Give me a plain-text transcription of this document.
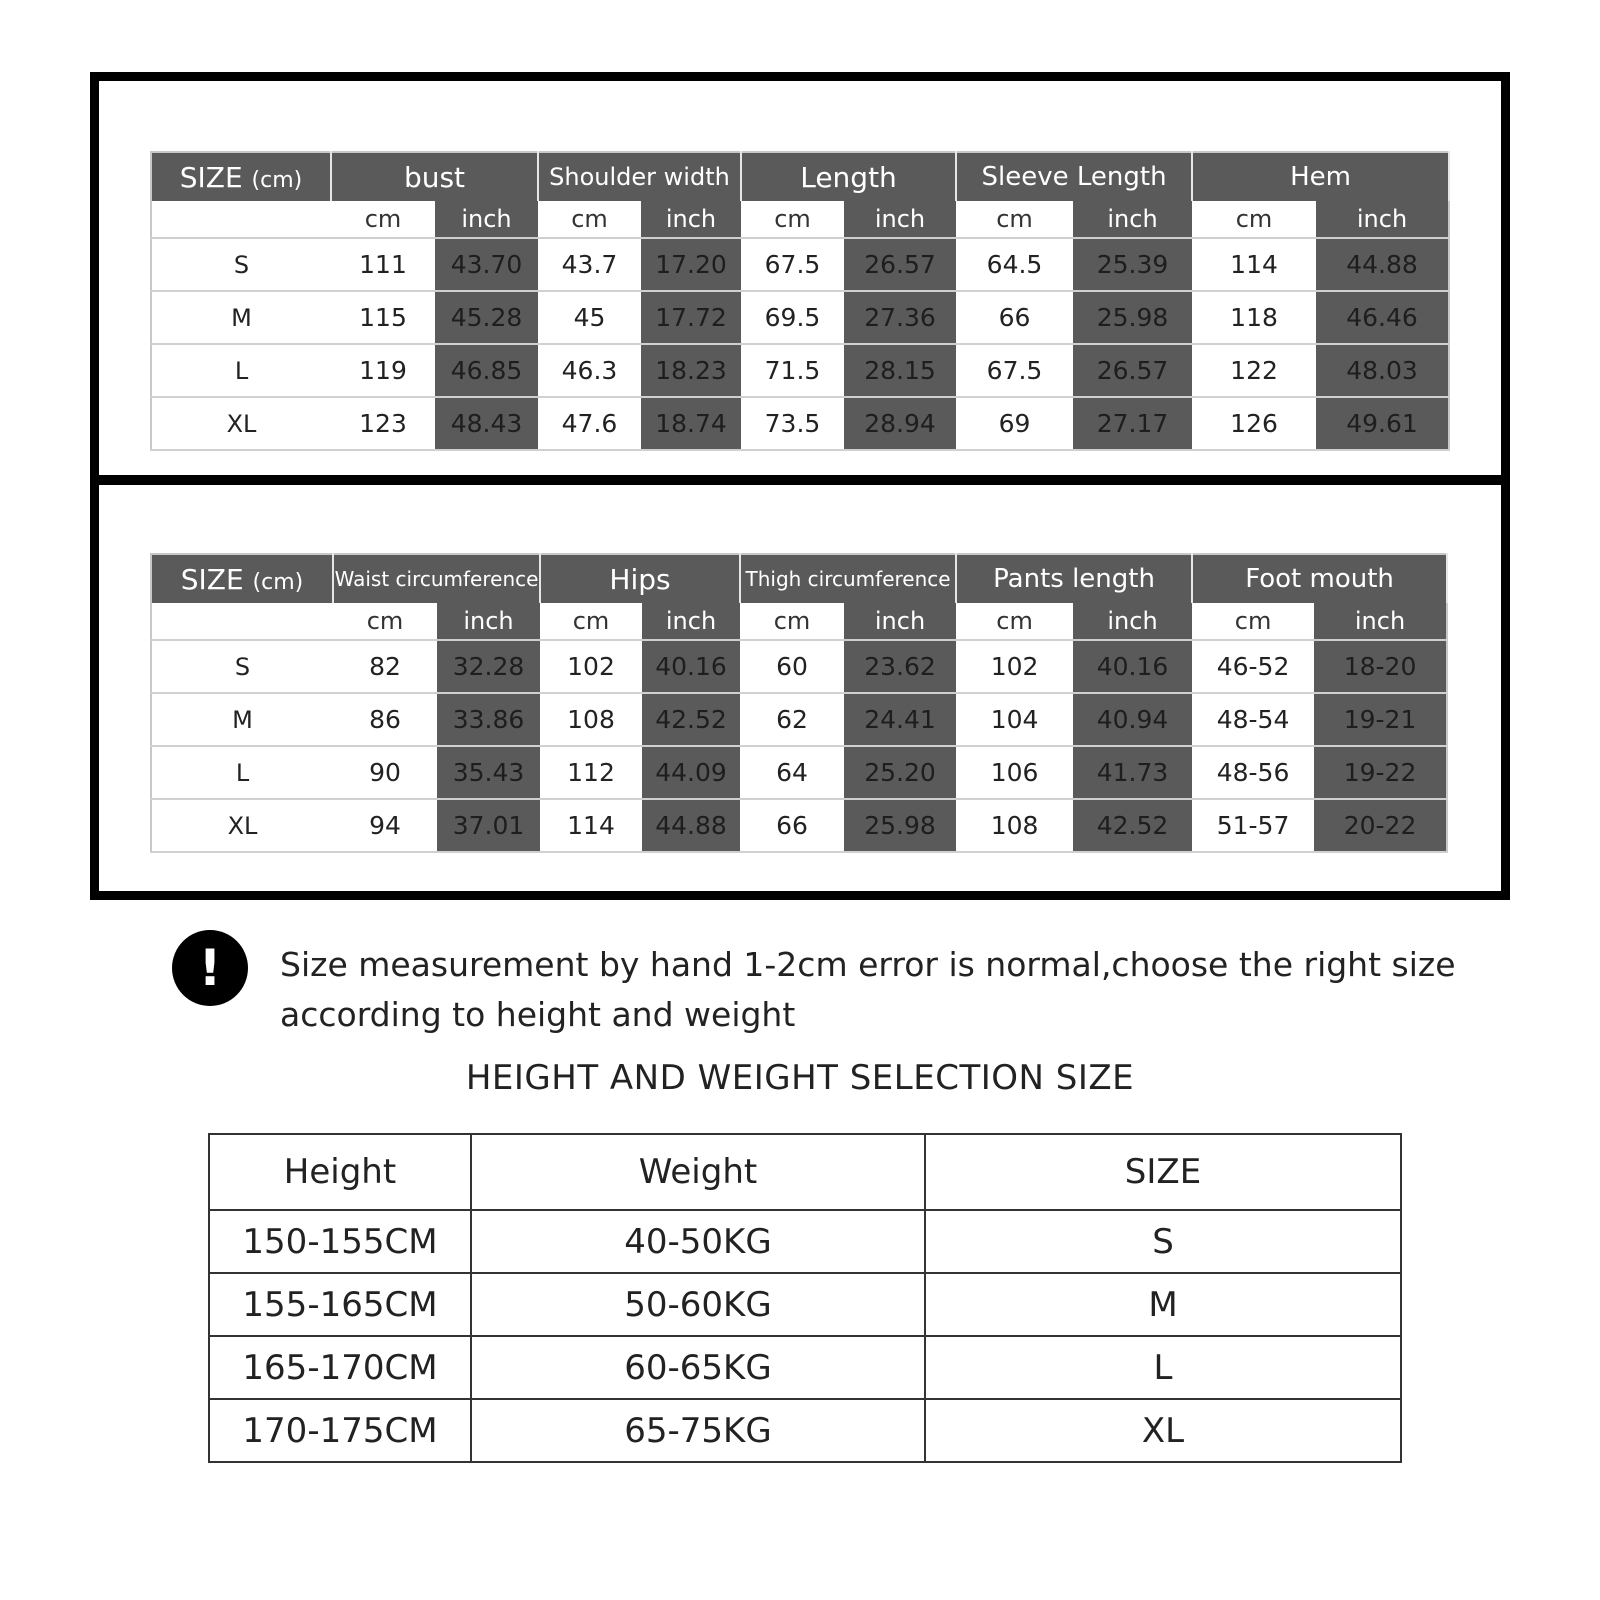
SIZE (cm)	bust		Shoulder width		Length		Sleeve Length		Hem	
	cm	inch	cm	inch	cm	inch	cm	inch	cm	inch
S	111	43.70	43.7	17.20	67.5	26.57	64.5	25.39	114	44.88
M	115	45.28	45	17.72	69.5	27.36	66	25.98	118	46.46
L	119	46.85	46.3	18.23	71.5	28.15	67.5	26.57	122	48.03
XL	123	48.43	47.6	18.74	73.5	28.94	69	27.17	126	49.61
SIZE (cm)	Waist circumference		Hips		Thigh circumference		Pants length		Foot mouth	
	cm	inch	cm	inch	cm	inch	cm	inch	cm	inch
S	82	32.28	102	40.16	60	23.62	102	40.16	46-52	18-20
M	86	33.86	108	42.52	62	24.41	104	40.94	48-54	19-21
L	90	35.43	112	44.09	64	25.20	106	41.73	48-56	19-22
XL	94	37.01	114	44.88	66	25.98	108	42.52	51-57	20-22
!	Size measurement by hand 1-2cm error is normal,choose the right size according to height and weight
HEIGHT AND WEIGHT SELECTION SIZE
Height	Weight	SIZE
150-155CM	40-50KG	S
155-165CM	50-60KG	M
165-170CM	60-65KG	L
170-175CM	65-75KG	XL
